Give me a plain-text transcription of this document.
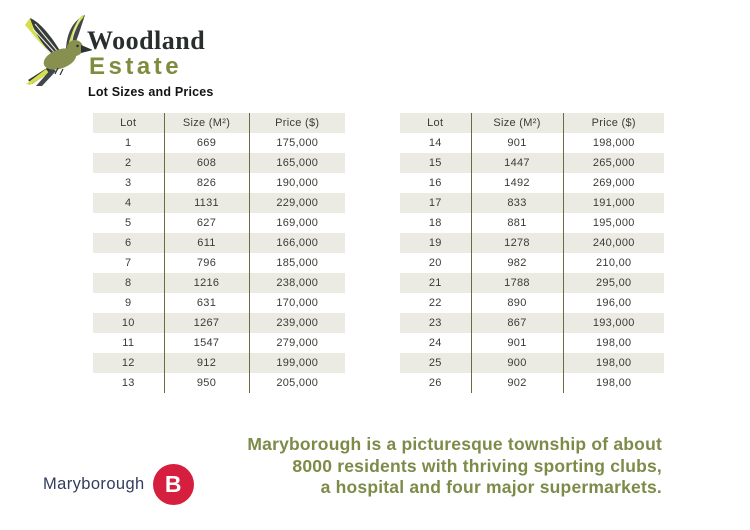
Woodland
Estate
Lot Sizes and Prices
Lot	Size (M²)	Price ($)
1	669	175,000
2	608	165,000
3	826	190,000
4	1131	229,000
5	627	169,000
6	611	166,000
7	796	185,000
8	1216	238,000
9	631	170,000
10	1267	239,000
11	1547	279,000
12	912	199,000
13	950	205,000
Lot	Size (M²)	Price ($)
14	901	198,000
15	1447	265,000
16	1492	269,000
17	833	191,000
18	881	195,000
19	1278	240,000
20	982	210,00
21	1788	295,00
22	890	196,00
23	867	193,000
24	901	198,00
25	900	198,00
26	902	198,00
Maryborough is a picturesque township of about
8000 residents with thriving sporting clubs,
a hospital and four major supermarkets.
Maryborough B
